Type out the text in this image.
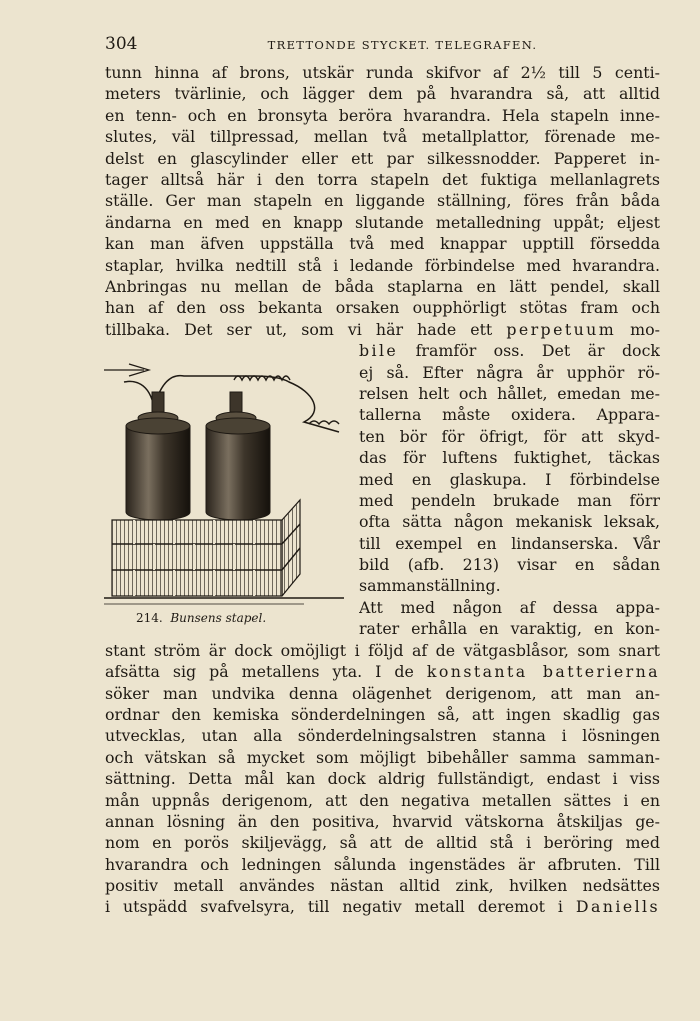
304	TRETTONDE STYCKET. TELEGRAFEN.
tunn hinna af brons, utskär runda skifvor af 2½ till 5 centi-
meters tvärlinie, och lägger dem på hvarandra så, att alltid
en tenn- och en bronsyta beröra hvarandra. Hela stapeln inne-
slutes, väl tillpressad, mellan två metallplattor, förenade me-
delst en glascylinder eller ett par silkessnodder. Papperet in-
tager alltså här i den torra stapeln det fuktiga mellanlagrets
ställe. Ger man stapeln en liggande ställning, föres från båda
ändarna en med en knapp slutande metalledning uppåt; eljest
kan man äfven uppställa två med knappar upptill försedda
staplar, hvilka nedtill stå i ledande förbindelse med hvarandra.
Anbringas nu mellan de båda staplarna en lätt pendel, skall
han af den oss bekanta orsaken oupphörligt stötas fram och
tillbaka. Det ser ut, som vi här hade ett perpetuum mo-
214. Bunsens stapel.
bile framför oss. Det är dock
ej så. Efter några år upphör rö-
relsen helt och hållet, emedan me-
tallerna måste oxidera. Appara-
ten bör för öfrigt, för att skyd-
das för luftens fuktighet, täckas
med en glaskupa. I förbindelse
med pendeln brukade man förr
ofta sätta någon mekanisk leksak,
till exempel en lindanserska. Vår
bild (afb. 213) visar en sådan
sammanställning.
Att med någon af dessa appa-
rater erhålla en varaktig, en kon-
stant ström är dock omöjligt i följd af de vätgasblåsor, som snart
afsätta sig på metallens yta. I de konstanta batterierna
söker man undvika denna olägenhet derigenom, att man an-
ordnar den kemiska sönderdelningen så, att ingen skadlig gas
utvecklas, utan alla sönderdelningsalstren stanna i lösningen
och vätskan så mycket som möjligt bibehåller samma samman-
sättning. Detta mål kan dock aldrig fullständigt, endast i viss
mån uppnås derigenom, att den negativa metallen sättes i en
annan lösning än den positiva, hvarvid vätskorna åtskiljas ge-
nom en porös skiljevägg, så att de alltid stå i beröring med
hvarandra och ledningen sålunda ingenstädes är afbruten. Till
positiv metall användes nästan alltid zink, hvilken nedsättes
i utspädd svafvelsyra, till negativ metall deremot i Daniells
